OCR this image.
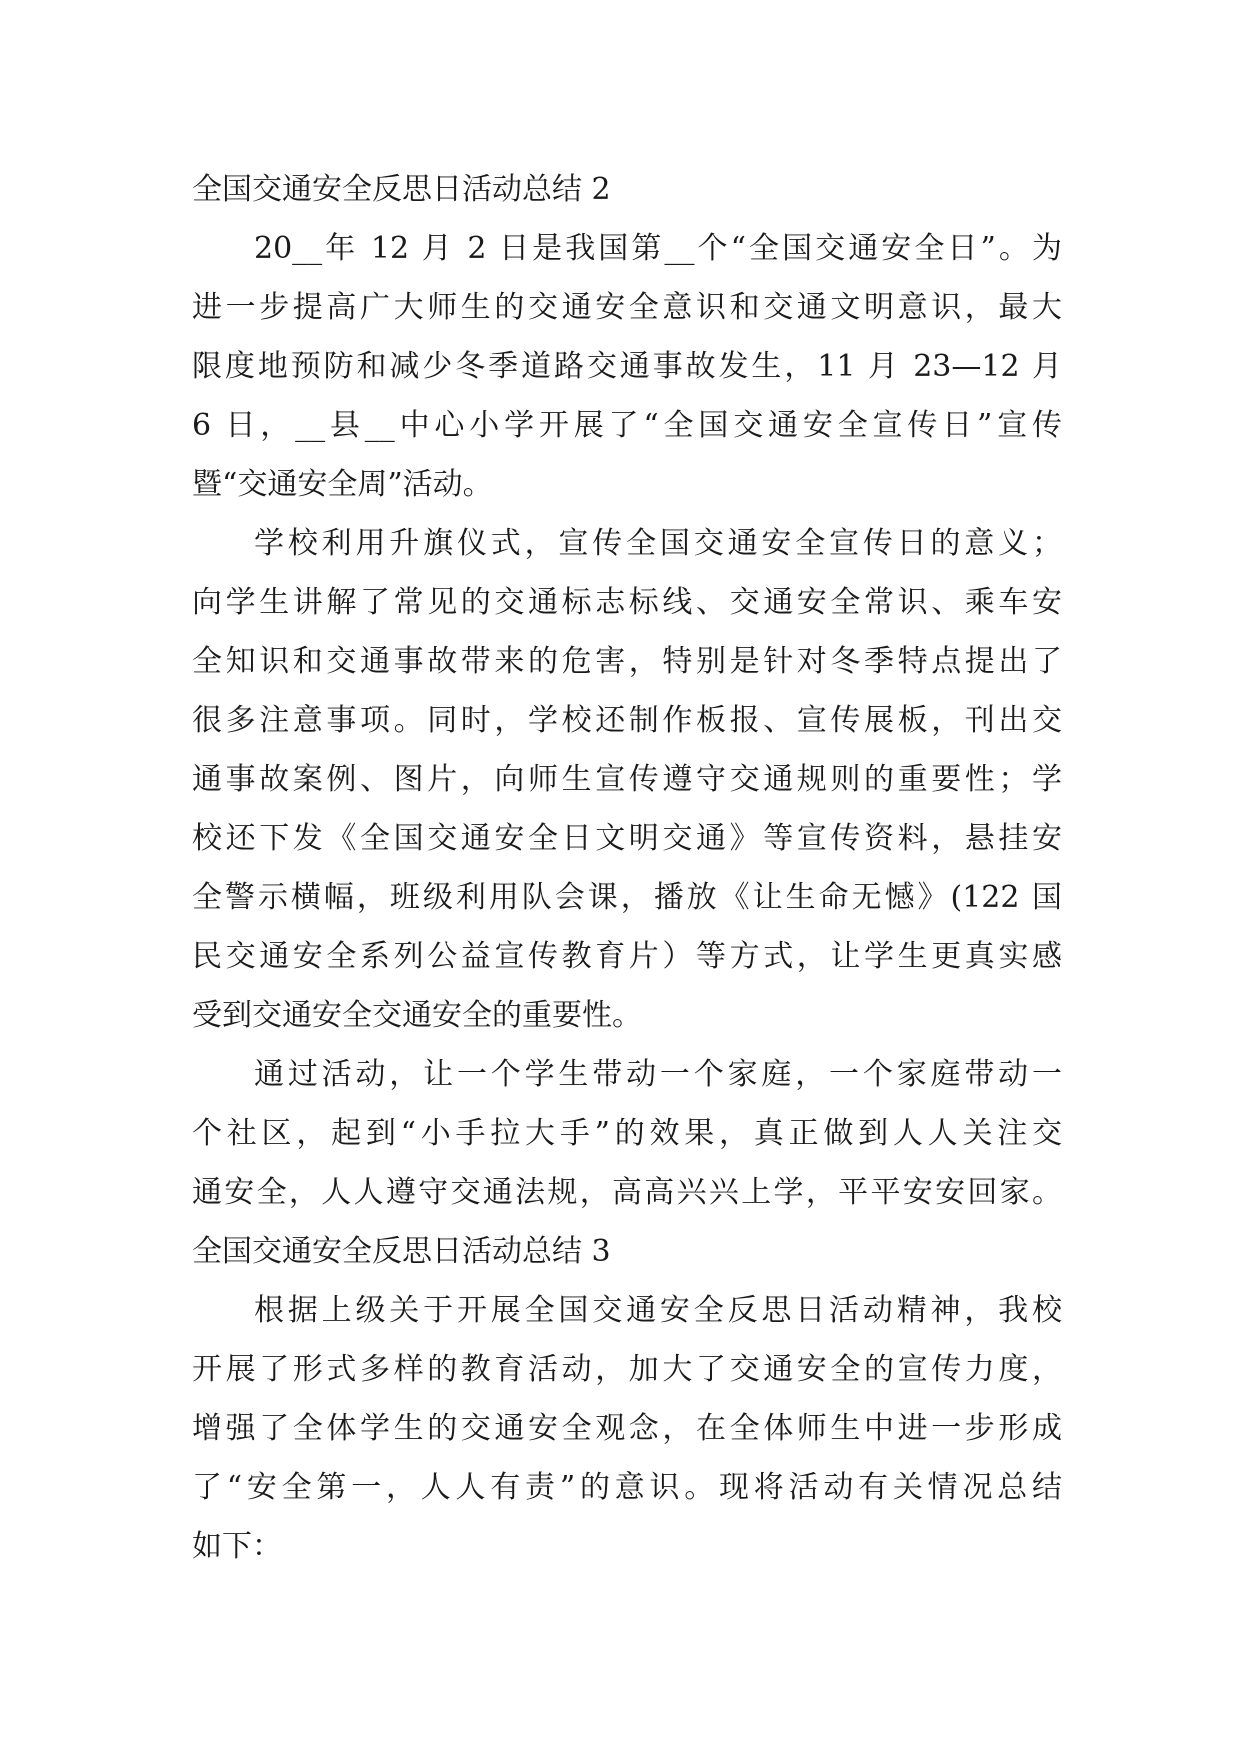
全国交通安全反思日活动总结 2
20__年 12 月 2 日是我国第__个“全国交通安全日”。为
进一步提高广大师生的交通安全意识和交通文明意识，最大
限度地预防和减少冬季道路交通事故发生，11 月 23—12 月
6 日，__县__中心小学开展了“全国交通安全宣传日”宣传
暨“交通安全周”活动。
学校利用升旗仪式，宣传全国交通安全宣传日的意义；
向学生讲解了常见的交通标志标线、交通安全常识、乘车安
全知识和交通事故带来的危害，特别是针对冬季特点提出了
很多注意事项。同时，学校还制作板报、宣传展板，刊出交
通事故案例、图片，向师生宣传遵守交通规则的重要性；学
校还下发《全国交通安全日文明交通》等宣传资料，悬挂安
全警示横幅，班级利用队会课，播放《让生命无憾》(122 国
民交通安全系列公益宣传教育片）等方式，让学生更真实感
受到交通安全交通安全的重要性。
通过活动，让一个学生带动一个家庭，一个家庭带动一
个社区，起到“小手拉大手”的效果，真正做到人人关注交
通安全，人人遵守交通法规，高高兴兴上学，平平安安回家。
全国交通安全反思日活动总结 3
根据上级关于开展全国交通安全反思日活动精神，我校
开展了形式多样的教育活动，加大了交通安全的宣传力度，
增强了全体学生的交通安全观念，在全体师生中进一步形成
了“安全第一，人人有责”的意识。现将活动有关情况总结
如下：
